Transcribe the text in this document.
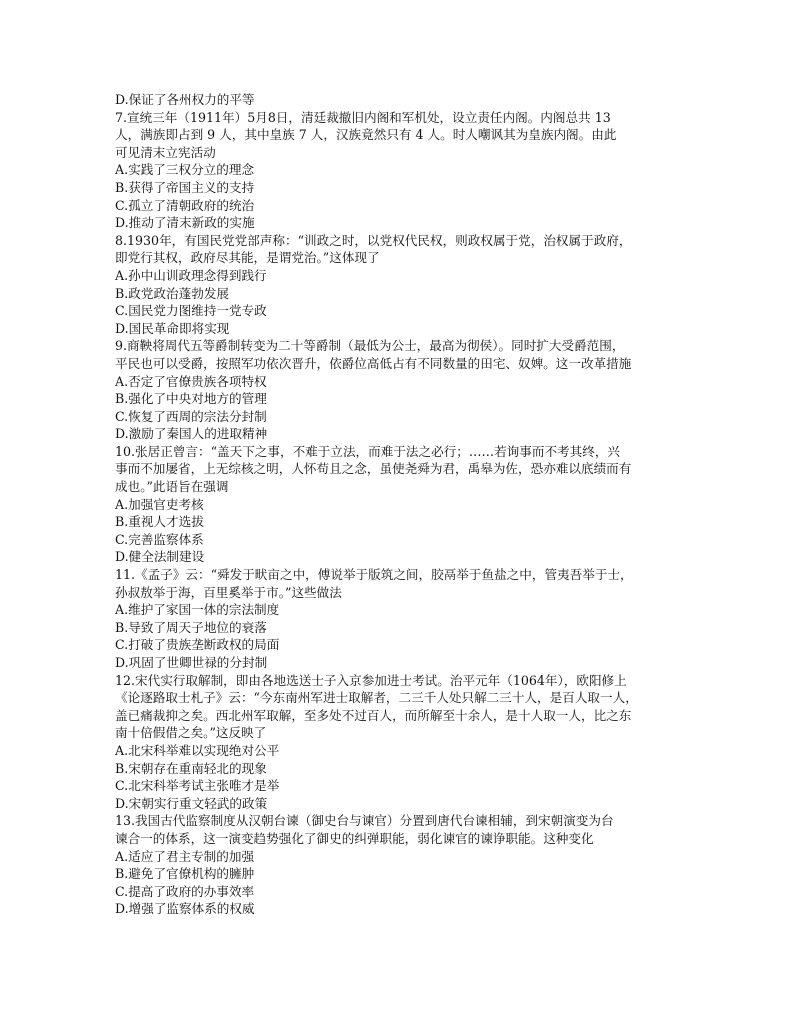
D.保证了各州权力的平等
7.宣统三年（1911年）5月8日，清廷裁撤旧内阁和军机处，设立责任内阁。内阁总共 13
人，满族即占到 9 人，其中皇族 7 人，汉族竟然只有 4 人。时人嘲讽其为皇族内阁。由此
可见清末立宪活动
A.实践了三权分立的理念
B.获得了帝国主义的支持
C.孤立了清朝政府的统治
D.推动了清末新政的实施
8.1930年，有国民党党部声称：“训政之时，以党权代民权，则政权属于党，治权属于政府，
即党行其权，政府尽其能，是谓党治。”这体现了
A.孙中山训政理念得到践行
B.政党政治蓬勃发展
C.国民党力图维持一党专政
D.国民革命即将实现
9.商鞅将周代五等爵制转变为二十等爵制（最低为公士，最高为彻侯）。同时扩大受爵范围，
平民也可以受爵，按照军功依次晋升，依爵位高低占有不同数量的田宅、奴婢。这一改革措施
A.否定了官僚贵族各项特权
B.强化了中央对地方的管理
C.恢复了西周的宗法分封制
D.激励了秦国人的进取精神
10.张居正曾言：“盖天下之事，不难于立法，而难于法之必行；……若询事而不考其终，兴
事而不加屡省，上无综核之明，人怀苟且之念，虽使尧舜为君，禹皋为佐，恐亦难以底绩而有
成也。”此语旨在强调
A.加强官吏考核
B.重视人才选拔
C.完善监察体系
D.健全法制建设
11.《孟子》云：“舜发于畎亩之中，傅说举于版筑之间，胶鬲举于鱼盐之中，管夷吾举于士，
孙叔敖举于海，百里奚举于市。”这些做法
A.维护了家国一体的宗法制度
B.导致了周天子地位的衰落
C.打破了贵族垄断政权的局面
D.巩固了世卿世禄的分封制
12.宋代实行取解制，即由各地选送士子入京参加进士考试。治平元年（1064年），欧阳修上
《论逐路取士札子》云：“今东南州军进士取解者，二三千人处只解二三十人，是百人取一人，
盖已痛裁抑之矣。西北州军取解，至多处不过百人，而所解至十余人，是十人取一人，比之东
南十倍假借之矣。”这反映了
A.北宋科举难以实现绝对公平
B.宋朝存在重南轻北的现象
C.北宋科举考试主张唯才是举
D.宋朝实行重文轻武的政策
13.我国古代监察制度从汉朝台谏（御史台与谏官）分置到唐代台谏相辅，到宋朝演变为台
谏合一的体系，这一演变趋势强化了御史的纠弹职能，弱化谏官的谏诤职能。这种变化
A.适应了君主专制的加强
B.避免了官僚机构的臃肿
C.提高了政府的办事效率
D.增强了监察体系的权威
